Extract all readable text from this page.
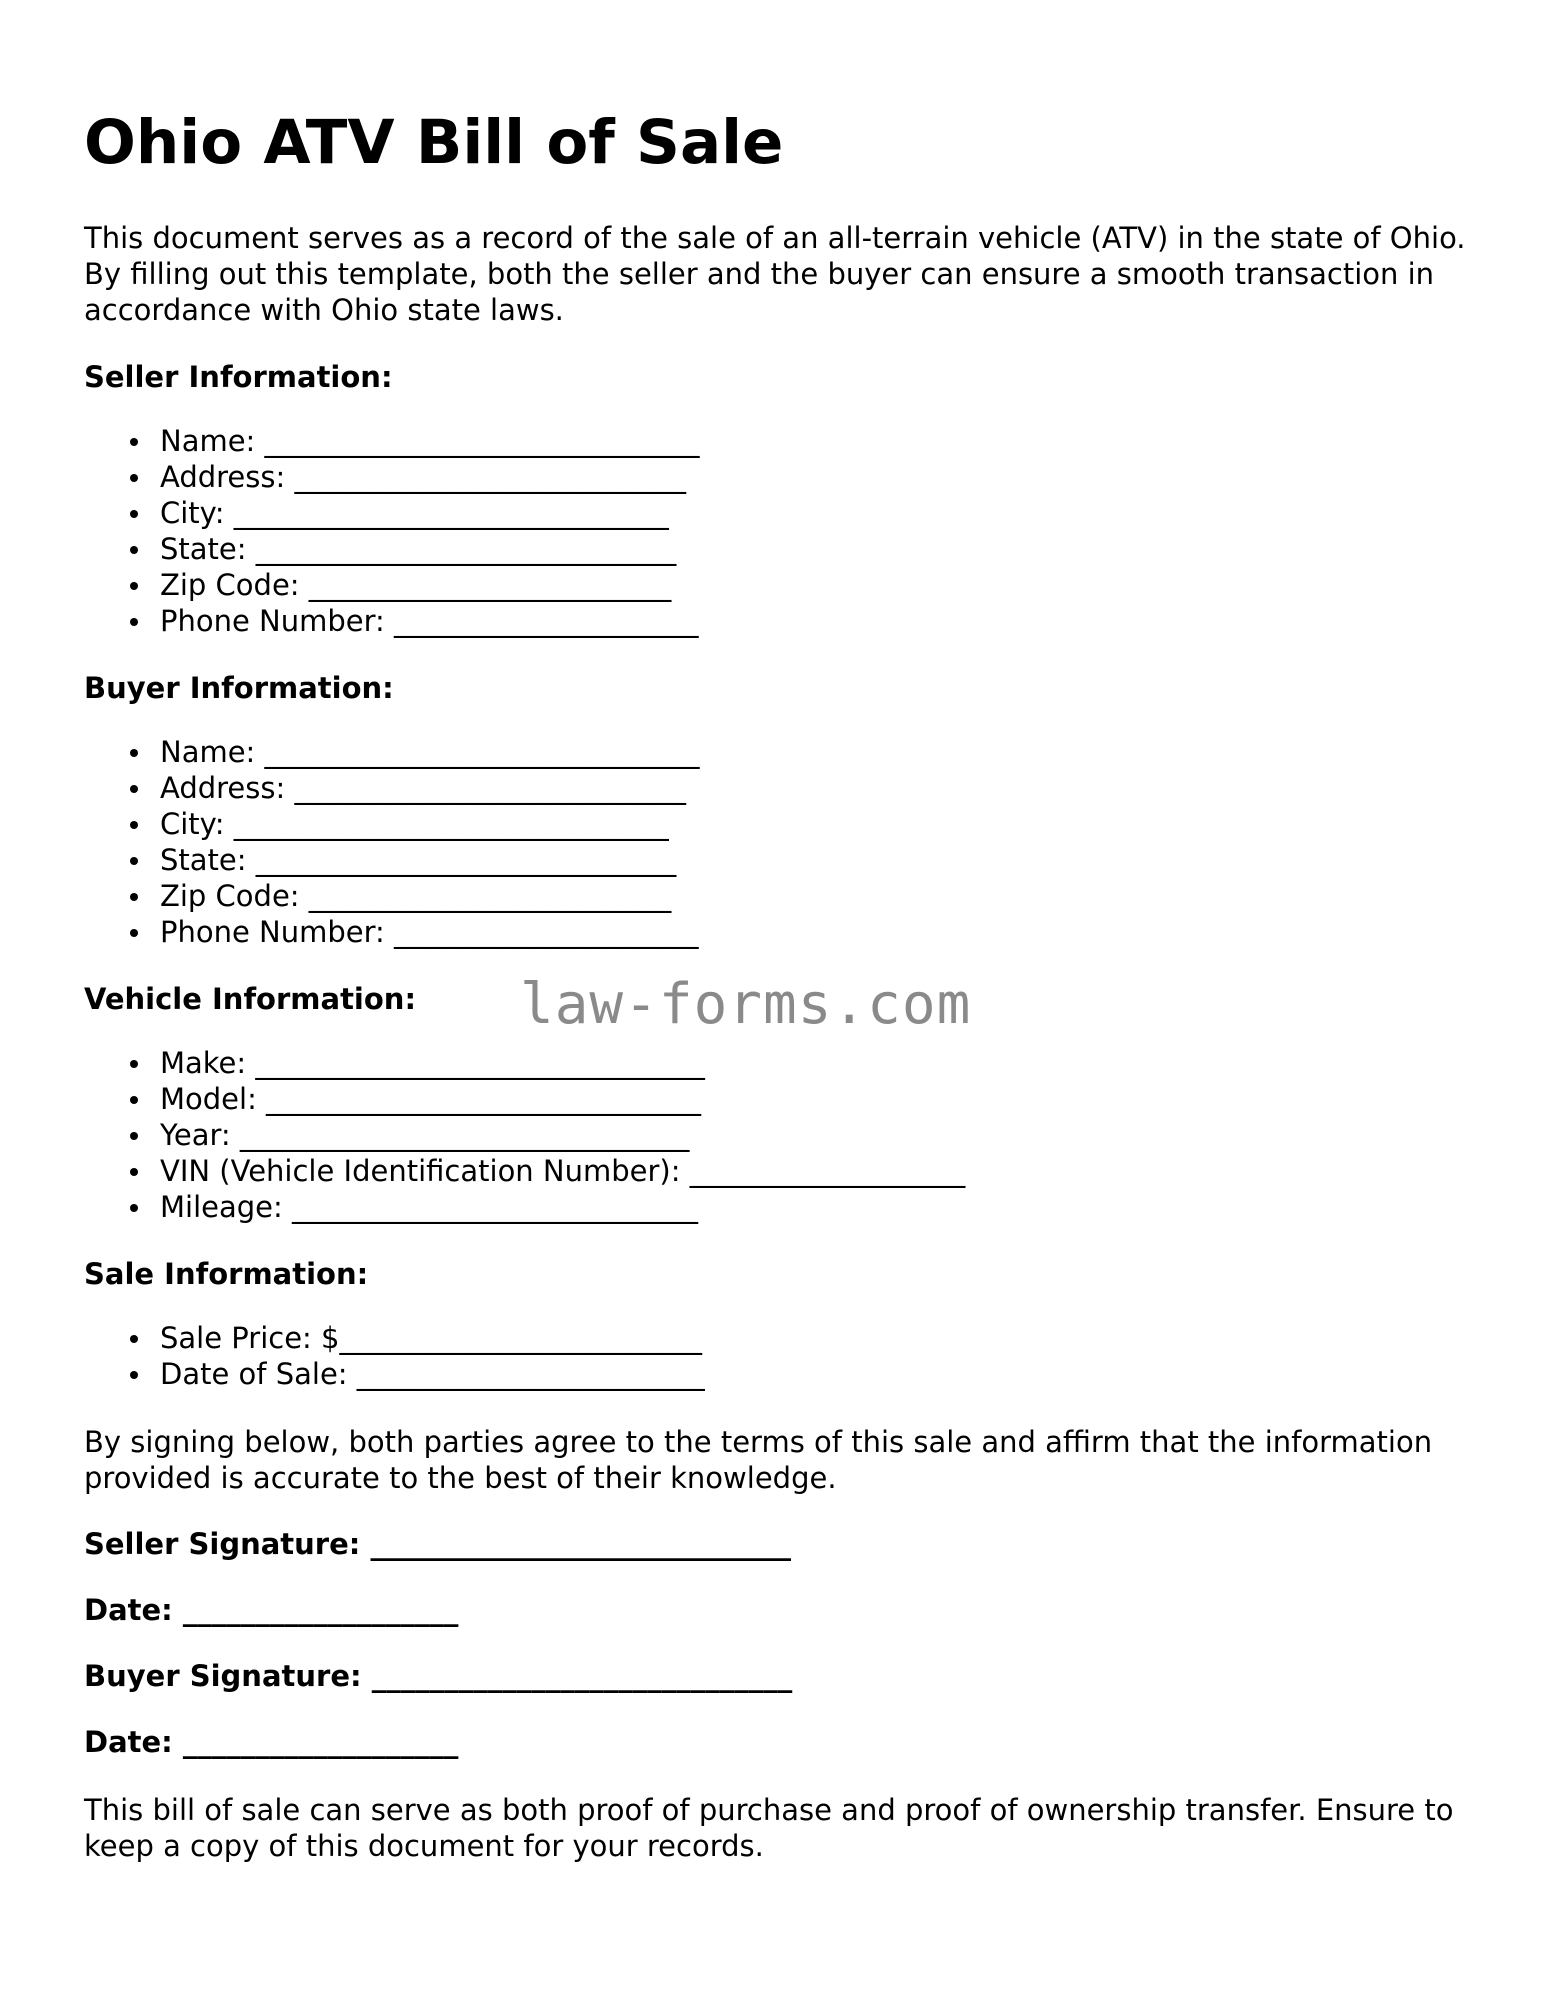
Ohio ATV Bill of Sale

This document serves as a record of the sale of an all-terrain vehicle (ATV) in the state of Ohio. By filling out this template, both the seller and the buyer can ensure a smooth transaction in accordance with Ohio state laws.

Seller Information:
Name: ______________________________
Address: ___________________________
City: ______________________________
State: _____________________________
Zip Code: _________________________
Phone Number: _____________________
Buyer Information:
Name: ______________________________
Address: ___________________________
City: ______________________________
State: _____________________________
Zip Code: _________________________
Phone Number: _____________________
Vehicle Information:
Make: _______________________________
Model: ______________________________
Year: _______________________________
VIN (Vehicle Identification Number): ___________________
Mileage: ____________________________
Sale Information:
Sale Price: $_________________________
Date of Sale: ________________________

By signing below, both parties agree to the terms of this sale and affirm that the information provided is accurate to the best of their knowledge.

Seller Signature: _____________________________
Date: ___________________
Buyer Signature: _____________________________
Date: ___________________

This bill of sale can serve as both proof of purchase and proof of ownership transfer. Ensure to keep a copy of this document for your records.

law-forms.com
